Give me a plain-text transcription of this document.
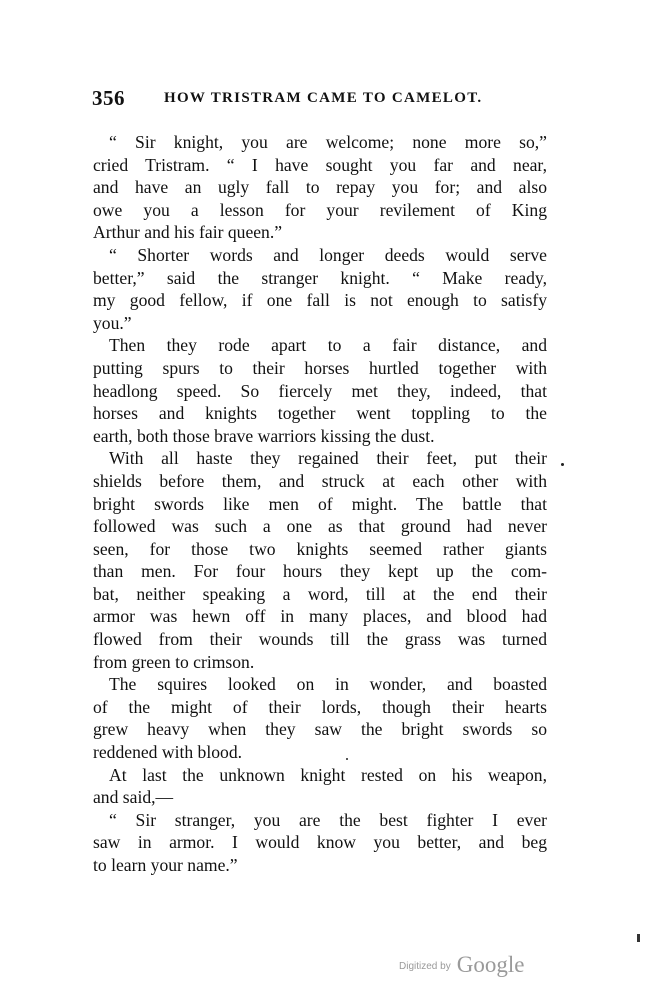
356	HOW TRISTRAM CAME TO CAMELOT.
“ Sir knight, you are welcome; none more so,”
cried Tristram. “ I have sought you far and near,
and have an ugly fall to repay you for; and also
owe you a lesson for your revilement of King
Arthur and his fair queen.”
“ Shorter words and longer deeds would serve
better,” said the stranger knight. “ Make ready,
my good fellow, if one fall is not enough to satisfy
you.”
Then they rode apart to a fair distance, and
putting spurs to their horses hurtled together with
headlong speed. So fiercely met they, indeed, that
horses and knights together went toppling to the
earth, both those brave warriors kissing the dust.
With all haste they regained their feet, put their
shields before them, and struck at each other with
bright swords like men of might. The battle that
followed was such a one as that ground had never
seen, for those two knights seemed rather giants
than men. For four hours they kept up the com-
bat, neither speaking a word, till at the end their
armor was hewn off in many places, and blood had
flowed from their wounds till the grass was turned
from green to crimson.
The squires looked on in wonder, and boasted
of the might of their lords, though their hearts
grew heavy when they saw the bright swords so
reddened with blood.
At last the unknown knight rested on his weapon,
and said,—
“ Sir stranger, you are the best fighter I ever
saw in armor. I would know you better, and beg
to learn your name.”
Digitized by Google
